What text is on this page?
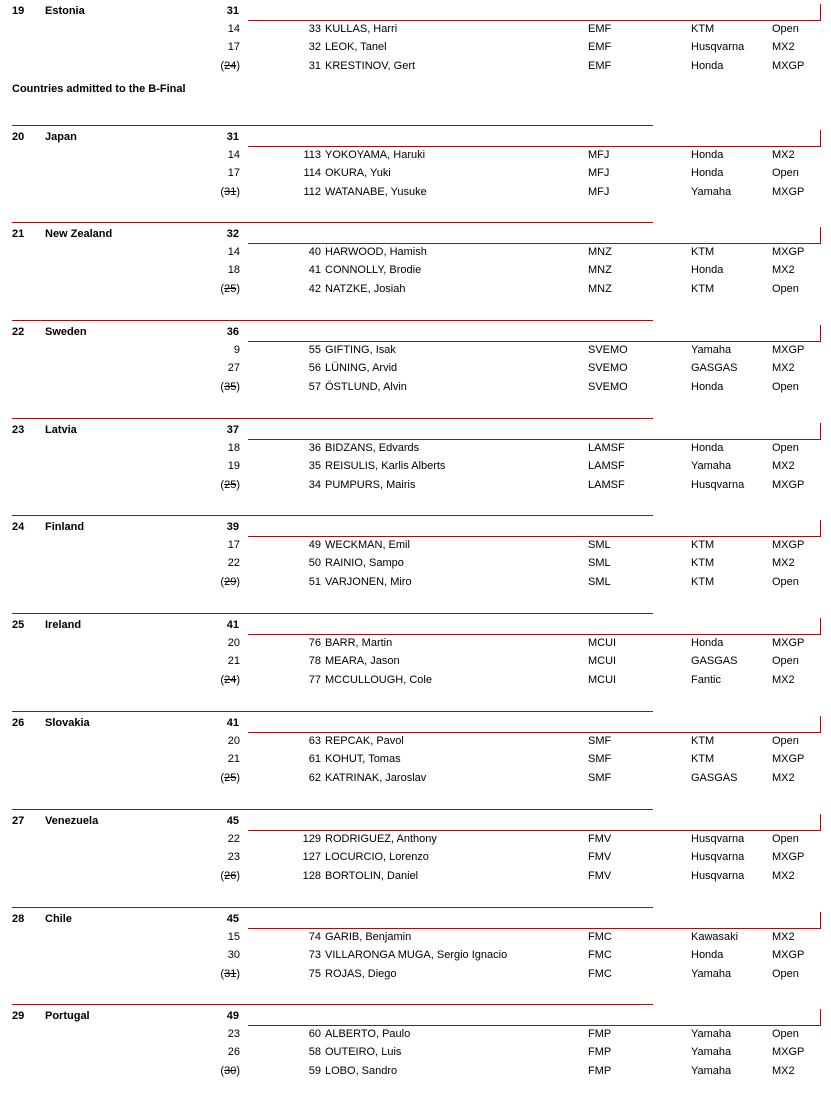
Countries admitted to the B-Final
19 Estonia	31
14	33 KULLAS, Harri	EMF	KTM	Open
17	32 LEOK, Tanel	EMF	Husqvarna	MX2
(24)	31 KRESTINOV, Gert	EMF	Honda	MXGP
20 Japan	31
14	113 YOKOYAMA, Haruki	MFJ	Honda	MX2
17	114 OKURA, Yuki	MFJ	Honda	Open
(31)	112 WATANABE, Yusuke	MFJ	Yamaha	MXGP
21 New Zealand	32
14	40 HARWOOD, Hamish	MNZ	KTM	MXGP
18	41 CONNOLLY, Brodie	MNZ	Honda	MX2
(25)	42 NATZKE, Josiah	MNZ	KTM	Open
22 Sweden	36
9	55 GIFTING, Isak	SVEMO	Yamaha	MXGP
27	56 LÜNING, Arvid	SVEMO	GASGAS	MX2
(35)	57 ÖSTLUND, Alvin	SVEMO	Honda	Open
23 Latvia	37
18	36 BIDZANS, Edvards	LAMSF	Honda	Open
19	35 REISULIS, Karlis Alberts	LAMSF	Yamaha	MX2
(25)	34 PUMPURS, Mairis	LAMSF	Husqvarna	MXGP
24 Finland	39
17	49 WECKMAN, Emil	SML	KTM	MXGP
22	50 RAINIO, Sampo	SML	KTM	MX2
(29)	51 VARJONEN, Miro	SML	KTM	Open
25 Ireland	41
20	76 BARR, Martin	MCUI	Honda	MXGP
21	78 MEARA, Jason	MCUI	GASGAS	Open
(24)	77 MCCULLOUGH, Cole	MCUI	Fantic	MX2
26 Slovakia	41
20	63 REPCAK, Pavol	SMF	KTM	Open
21	61 KOHUT, Tomas	SMF	KTM	MXGP
(25)	62 KATRINAK, Jaroslav	SMF	GASGAS	MX2
27 Venezuela	45
22	129 RODRIGUEZ, Anthony	FMV	Husqvarna	Open
23	127 LOCURCIO, Lorenzo	FMV	Husqvarna	MXGP
(26)	128 BORTOLIN, Daniel	FMV	Husqvarna	MX2
28 Chile	45
15	74 GARIB, Benjamin	FMC	Kawasaki	MX2
30	73 VILLARONGA MUGA, Sergio Ignacio	FMC	Honda	MXGP
(31)	75 ROJAS, Diego	FMC	Yamaha	Open
29 Portugal	49
23	60 ALBERTO, Paulo	FMP	Yamaha	Open
26	58 OUTEIRO, Luis	FMP	Yamaha	MXGP
(30)	59 LOBO, Sandro	FMP	Yamaha	MX2
